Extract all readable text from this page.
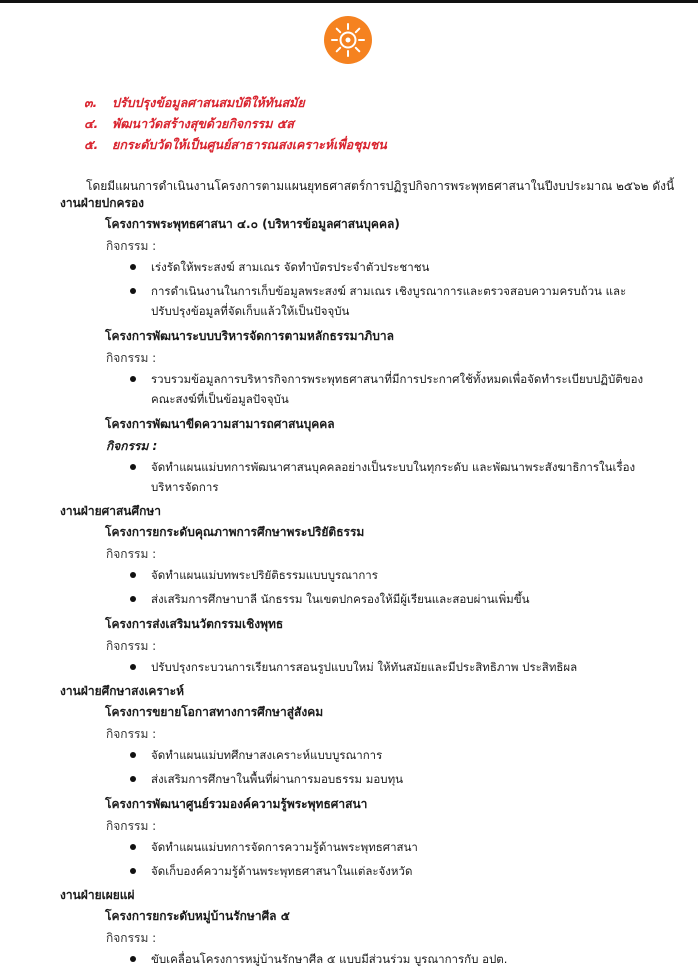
๓. ปรับปรุงข้อมูลศาสนสมบัติให้ทันสมัย
๔. พัฒนาวัดสร้างสุขด้วยกิจกรรม ๕ส
๕. ยกระดับวัดให้เป็นศูนย์สาธารณสงเคราะห์เพื่อชุมชน
โดยมีแผนการดำเนินงานโครงการตามแผนยุทธศาสตร์การปฏิรูปกิจการพระพุทธศาสนาในปีงบประมาณ ๒๕๖๒ ดังนี้
งานฝ่ายปกครอง
โครงการพระพุทธศาสนา ๔.๐ (บริหารข้อมูลศาสนบุคคล)
กิจกรรม :
เร่งรัดให้พระสงฆ์ สามเณร จัดทำบัตรประจำตัวประชาชน
การดำเนินงานในการเก็บข้อมูลพระสงฆ์ สามเณร เชิงบูรณาการและตรวจสอบความครบถ้วน และปรับปรุงข้อมูลที่จัดเก็บแล้วให้เป็นปัจจุบัน
โครงการพัฒนาระบบบริหารจัดการตามหลักธรรมาภิบาล
กิจกรรม :
รวบรวมข้อมูลการบริหารกิจการพระพุทธศาสนาที่มีการประกาศใช้ทั้งหมดเพื่อจัดทำระเบียบปฏิบัติของคณะสงฆ์ที่เป็นข้อมูลปัจจุบัน
โครงการพัฒนาขีดความสามารถศาสนบุคคล
กิจกรรม :
จัดทำแผนแม่บทการพัฒนาศาสนบุคคลอย่างเป็นระบบในทุกระดับ และพัฒนาพระสังฆาธิการในเรื่องบริหารจัดการ
งานฝ่ายศาสนศึกษา
โครงการยกระดับคุณภาพการศึกษาพระปริยัติธรรม
กิจกรรม :
จัดทำแผนแม่บทพระปริยัติธรรมแบบบูรณาการ
ส่งเสริมการศึกษาบาลี นักธรรม ในเขตปกครองให้มีผู้เรียนและสอบผ่านเพิ่มขึ้น
โครงการส่งเสริมนวัตกรรมเชิงพุทธ
กิจกรรม :
ปรับปรุงกระบวนการเรียนการสอนรูปแบบใหม่ ให้ทันสมัยและมีประสิทธิภาพ ประสิทธิผล
งานฝ่ายศึกษาสงเคราะห์
โครงการขยายโอกาสทางการศึกษาสู่สังคม
กิจกรรม :
จัดทำแผนแม่บทศึกษาสงเคราะห์แบบบูรณาการ
ส่งเสริมการศึกษาในพื้นที่ผ่านการมอบธรรม มอบทุน
โครงการพัฒนาศูนย์รวมองค์ความรู้พระพุทธศาสนา
กิจกรรม :
จัดทำแผนแม่บทการจัดการความรู้ด้านพระพุทธศาสนา
จัดเก็บองค์ความรู้ด้านพระพุทธศาสนาในแต่ละจังหวัด
งานฝ่ายเผยแผ่
โครงการยกระดับหมู่บ้านรักษาศีล ๕
กิจกรรม :
ขับเคลื่อนโครงการหมู่บ้านรักษาศีล ๕ แบบมีส่วนร่วม บูรณาการกับ อปต.
